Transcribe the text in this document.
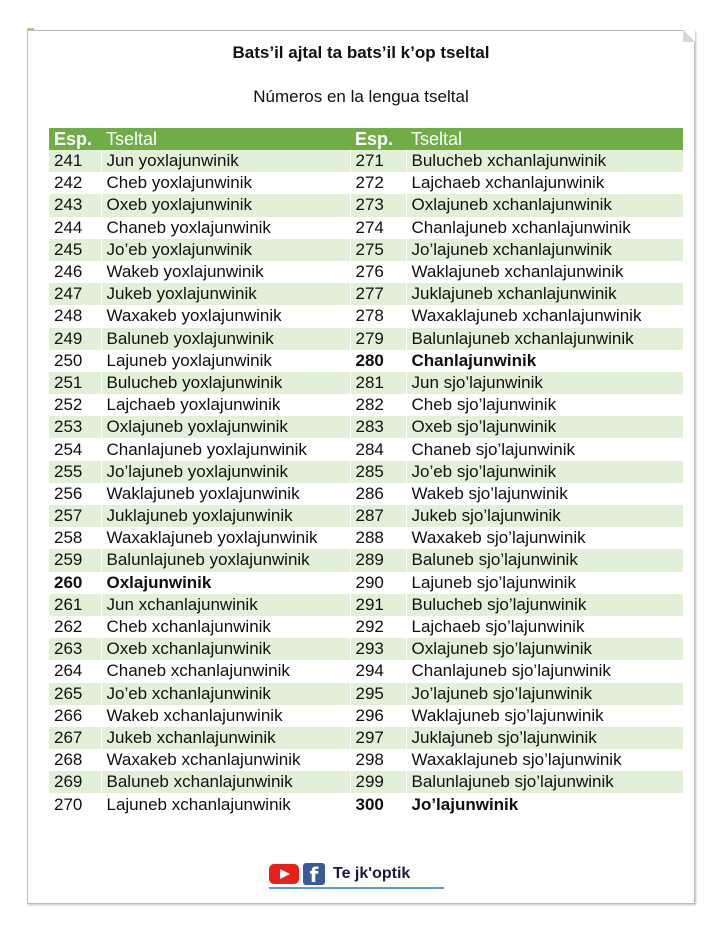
Bats’il ajtal ta bats’il k’op tseltal
Números en la lengua tseltal
Esp.	Tseltal	Esp.	Tseltal
241	Jun yoxlajunwinik	271	Bulucheb xchanlajunwinik
242	Cheb yoxlajunwinik	272	Lajchaeb xchanlajunwinik
243	Oxeb yoxlajunwinik	273	Oxlajuneb xchanlajunwinik
244	Chaneb yoxlajunwinik	274	Chanlajuneb xchanlajunwinik
245	Jo’eb yoxlajunwinik	275	Jo’lajuneb xchanlajunwinik
246	Wakeb yoxlajunwinik	276	Waklajuneb xchanlajunwinik
247	Jukeb yoxlajunwinik	277	Juklajuneb xchanlajunwinik
248	Waxakeb yoxlajunwinik	278	Waxaklajuneb xchanlajunwinik
249	Baluneb yoxlajunwinik	279	Balunlajuneb xchanlajunwinik
250	Lajuneb yoxlajunwinik	280	Chanlajunwinik
251	Bulucheb yoxlajunwinik	281	Jun sjo’lajunwinik
252	Lajchaeb yoxlajunwinik	282	Cheb sjo’lajunwinik
253	Oxlajuneb yoxlajunwinik	283	Oxeb sjo’lajunwinik
254	Chanlajuneb yoxlajunwinik	284	Chaneb sjo’lajunwinik
255	Jo’lajuneb yoxlajunwinik	285	Jo’eb sjo’lajunwinik
256	Waklajuneb yoxlajunwinik	286	Wakeb sjo’lajunwinik
257	Juklajuneb yoxlajunwinik	287	Jukeb sjo’lajunwinik
258	Waxaklajuneb yoxlajunwinik	288	Waxakeb sjo’lajunwinik
259	Balunlajuneb yoxlajunwinik	289	Baluneb sjo’lajunwinik
260	Oxlajunwinik	290	Lajuneb sjo’lajunwinik
261	Jun xchanlajunwinik	291	Bulucheb sjo’lajunwinik
262	Cheb xchanlajunwinik	292	Lajchaeb sjo’lajunwinik
263	Oxeb xchanlajunwinik	293	Oxlajuneb sjo’lajunwinik
264	Chaneb xchanlajunwinik	294	Chanlajuneb sjo’lajunwinik
265	Jo’eb xchanlajunwinik	295	Jo’lajuneb sjo’lajunwinik
266	Wakeb xchanlajunwinik	296	Waklajuneb sjo’lajunwinik
267	Jukeb xchanlajunwinik	297	Juklajuneb sjo’lajunwinik
268	Waxakeb xchanlajunwinik	298	Waxaklajuneb sjo’lajunwinik
269	Baluneb xchanlajunwinik	299	Balunlajuneb sjo’lajunwinik
270	Lajuneb xchanlajunwinik	300	Jo’lajunwinik
f Te jk'optik
